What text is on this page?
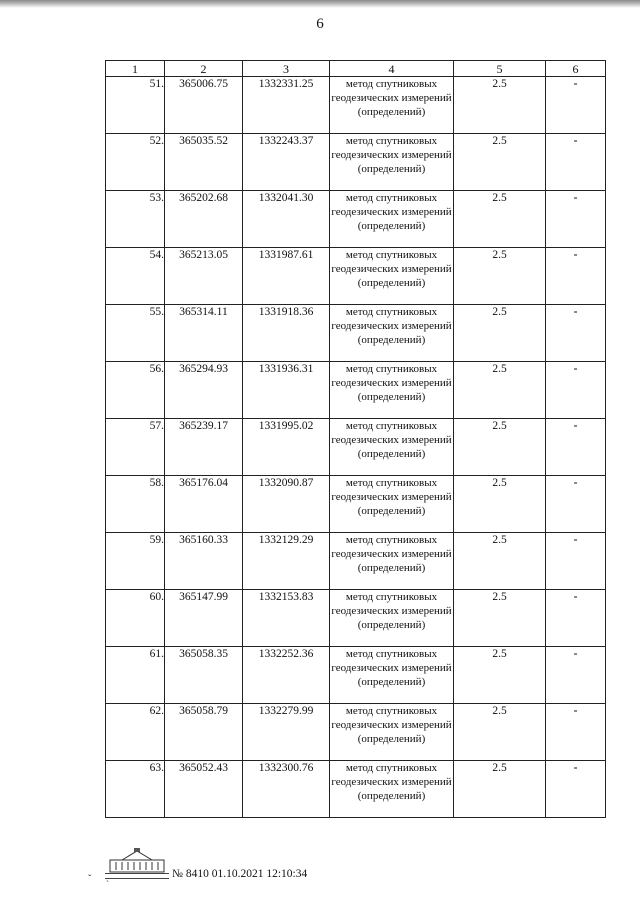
6
1	2	3	4	5	6
51.	365006.75	1332331.25	метод спутниковых геодезических измерений (определений)	2.5	-
52.	365035.52	1332243.37	метод спутниковых геодезических измерений (определений)	2.5	-
53.	365202.68	1332041.30	метод спутниковых геодезических измерений (определений)	2.5	-
54.	365213.05	1331987.61	метод спутниковых геодезических измерений (определений)	2.5	-
55.	365314.11	1331918.36	метод спутниковых геодезических измерений (определений)	2.5	-
56.	365294.93	1331936.31	метод спутниковых геодезических измерений (определений)	2.5	-
57.	365239.17	1331995.02	метод спутниковых геодезических измерений (определений)	2.5	-
58.	365176.04	1332090.87	метод спутниковых геодезических измерений (определений)	2.5	-
59.	365160.33	1332129.29	метод спутниковых геодезических измерений (определений)	2.5	-
60.	365147.99	1332153.83	метод спутниковых геодезических измерений (определений)	2.5	-
61.	365058.35	1332252.36	метод спутниковых геодезических измерений (определений)	2.5	-
62.	365058.79	1332279.99	метод спутниковых геодезических измерений (определений)	2.5	-
63.	365052.43	1332300.76	метод спутниковых геодезических измерений (определений)	2.5	-
ˇ
ˋ
№ 8410 01.10.2021 12:10:34
